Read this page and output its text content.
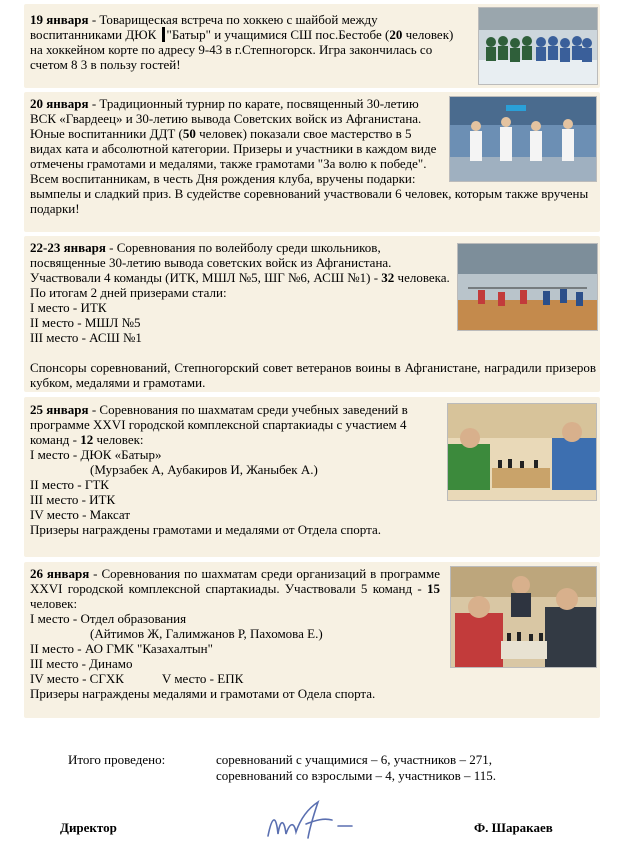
19 января - Товарищеская встреча по хоккею с шайбой между воспитанниками ДЮК "Батыр" и учащимися СШ пос.Бестобе (20 человек) на хоккейном корте по адресу 9-43 в г.Степногорск. Игра закончилась со счетом 8 3 в пользу гостей!

20 января - Традиционный турнир по карате, посвященный 30-летию ВСК «Гвардеец» и 30-летию вывода Советских войск из Афганистана. Юные воспитанники ДДТ (50 человек) показали свое мастерство в 5 видах ката и абсолютной категории. Призеры и участники в каждом виде отмечены грамотами и медалями, также грамотами "За волю к победе". Всем воспитанникам, в честь Дня рождения клуба, вручены подарки: вымпелы и сладкий приз. В судействе соревнований участвовали 6 человек, которым также вручены подарки!

22-23 января - Соревнования по волейболу среди школьников, посвященные 30-летию вывода советских войск из Афганистана. Участвовали 4 команды (ИТК, МШЛ №5, ШГ №6, АСШ №1) - 32 человека. По итогам 2 дней призерами стали:

I место - ИТК

II место - МШЛ №5

III место - АСШ №1

Спонсоры соревнований, Степногорский совет ветеранов воины в Афганистане, наградили призеров кубком, медалями и грамотами.

25 января - Соревнования по шахматам среди учебных заведений в программе XXVI городской комплексной спартакиады с участием 4 команд - 12 человек:

I место - ДЮК «Батыр»

(Мурзабек А, Аубакиров И, Жаныбек А.)

II место - ГТК

III место - ИТК

IV место - Максат

Призеры награждены грамотами и медалями от Отдела спорта.

26 января - Соревнования по шахматам среди организаций в программе XXVI городской комплексной спартакиады. Участвовали 5 команд - 15 человек:

I место - Отдел образования

(Айтимов Ж, Галимжанов Р, Пахомова Е.)

II место - АО ГМК "Казахалтын"

III место - Динамо

IV место - СГХК	V место - ЕПК

Призеры награждены медалями и грамотами от Одела спорта.

Итого проведено:	соревнований с учащимися – 6, участников – 271,
соревнований со взрослыми – 4, участников – 115.
Директор	Ф. Шаракаев
